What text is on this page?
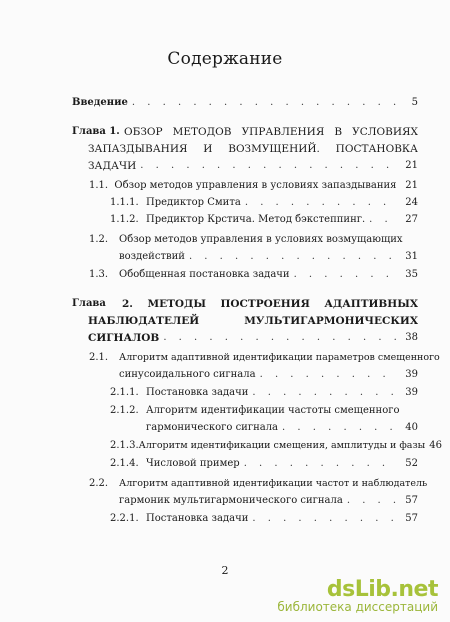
Содержание
Введение . . .	5
Глава 1. ОБЗОР МЕТОДОВ УПРАВЛЕНИЯ В УСЛОВИЯХ
ЗАПАЗДЫВАНИЯ И ВОЗМУЩЕНИЙ. ПОСТАНОВКА
ЗАДАЧИ . . .	21
1.1. Обзор методов управления в условиях запаздывания 21
1.1.1. Предиктор Смита . . .	24
1.1.2. Предиктор Крстича. Метод бэкстеппинг. . . .	27
1.2. Обзор методов управления в условиях возмущающих
воздействий . . .	31
1.3.	Обобщенная постановка задачи . . .	35
Глава 2. МЕТОДЫ ПОСТРОЕНИЯ АДАПТИВНЫХ
НАБЛЮДАТЕЛЕЙ МУЛЬТИГАРМОНИЧЕСКИХ
СИГНАЛОВ . . .	38
2.1. Алгоритм адаптивной идентификации параметров смещенного
синусоидального сигнала . . .	39
2.1.1. Постановка задачи . . .	39
2.1.2. Алгоритм идентификации частоты смещенного
гармонического сигнала . . .	40
2.1.3. Алгоритм идентификации смещения, амплитуды и фазы 46
2.1.4. Числовой пример . . .	52
2.2. Алгоритм адаптивной идентификации частот и наблюдатель
гармоник мультигармонического сигнала . . .	57
2.2.1. Постановка задачи . . .	57
2
dsLib.net
библиотека диссертаций
